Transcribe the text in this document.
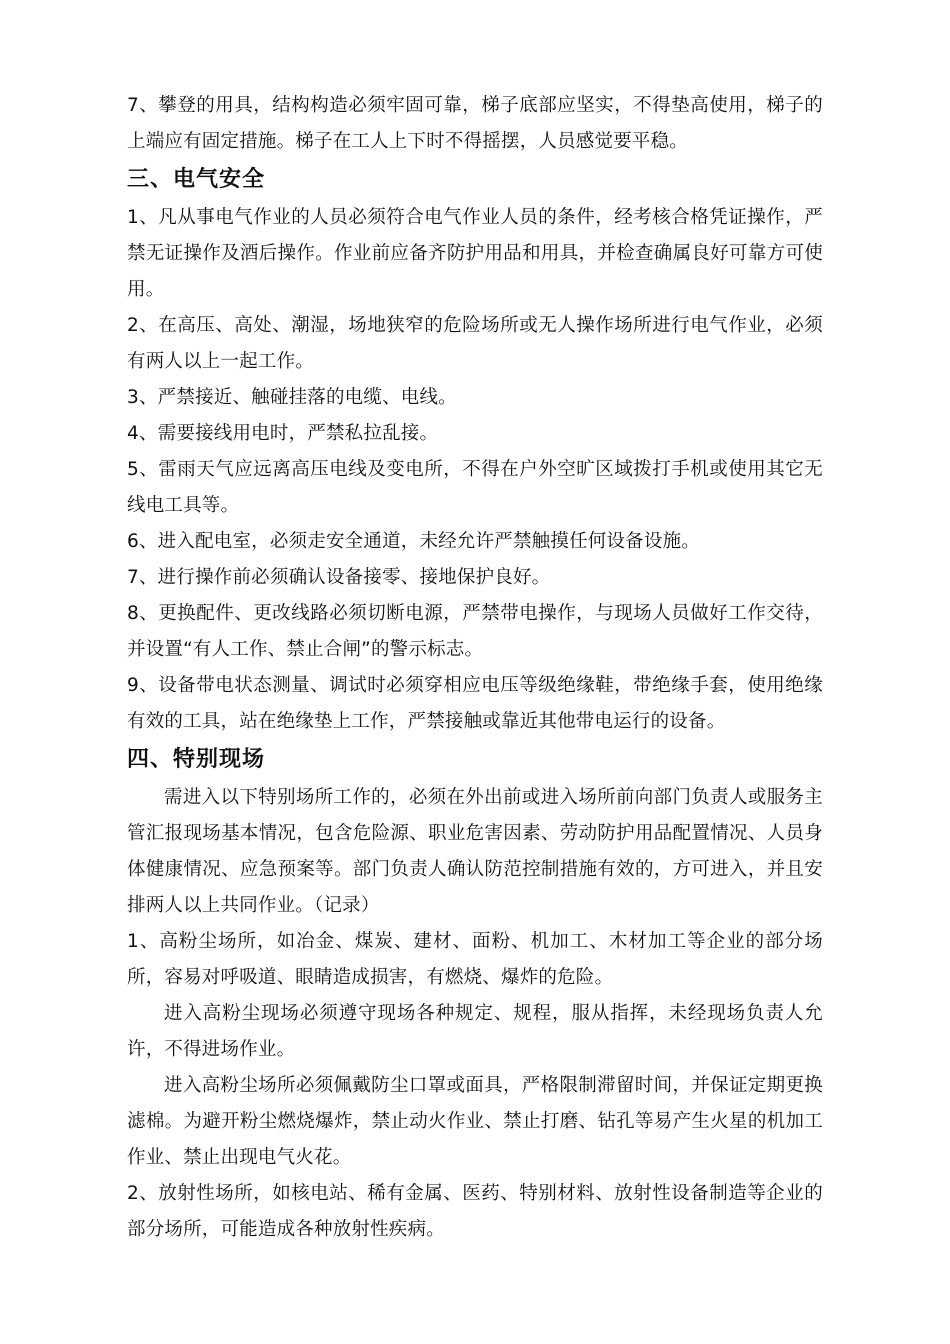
7、攀登的用具，结构构造必须牢固可靠，梯子底部应坚实，不得垫高使用，梯子的上端应有固定措施。梯子在工人上下时不得摇摆，人员感觉要平稳。

三、电气安全

1、凡从事电气作业的人员必须符合电气作业人员的条件，经考核合格凭证操作，严禁无证操作及酒后操作。作业前应备齐防护用品和用具，并检查确属良好可靠方可使用。

2、在高压、高处、潮湿，场地狭窄的危险场所或无人操作场所进行电气作业，必须有两人以上一起工作。

3、严禁接近、触碰挂落的电缆、电线。

4、需要接线用电时，严禁私拉乱接。

5、雷雨天气应远离高压电线及变电所，不得在户外空旷区域拨打手机或使用其它无线电工具等。

6、进入配电室，必须走安全通道，未经允许严禁触摸任何设备设施。

7、进行操作前必须确认设备接零、接地保护良好。

8、更换配件、更改线路必须切断电源，严禁带电操作，与现场人员做好工作交待，并设置“有人工作、禁止合闸”的警示标志。

9、设备带电状态测量、调试时必须穿相应电压等级绝缘鞋，带绝缘手套，使用绝缘有效的工具，站在绝缘垫上工作，严禁接触或靠近其他带电运行的设备。

四、特别现场

需进入以下特别场所工作的，必须在外出前或进入场所前向部门负责人或服务主管汇报现场基本情况，包含危险源、职业危害因素、劳动防护用品配置情况、人员身体健康情况、应急预案等。部门负责人确认防范控制措施有效的，方可进入，并且安排两人以上共同作业。（记录）

1、高粉尘场所，如冶金、煤炭、建材、面粉、机加工、木材加工等企业的部分场所，容易对呼吸道、眼睛造成损害，有燃烧、爆炸的危险。

进入高粉尘现场必须遵守现场各种规定、规程，服从指挥，未经现场负责人允许，不得进场作业。

进入高粉尘场所必须佩戴防尘口罩或面具，严格限制滞留时间，并保证定期更换滤棉。为避开粉尘燃烧爆炸，禁止动火作业、禁止打磨、钻孔等易产生火星的机加工作业、禁止出现电气火花。

2、放射性场所，如核电站、稀有金属、医药、特别材料、放射性设备制造等企业的部分场所，可能造成各种放射性疾病。
